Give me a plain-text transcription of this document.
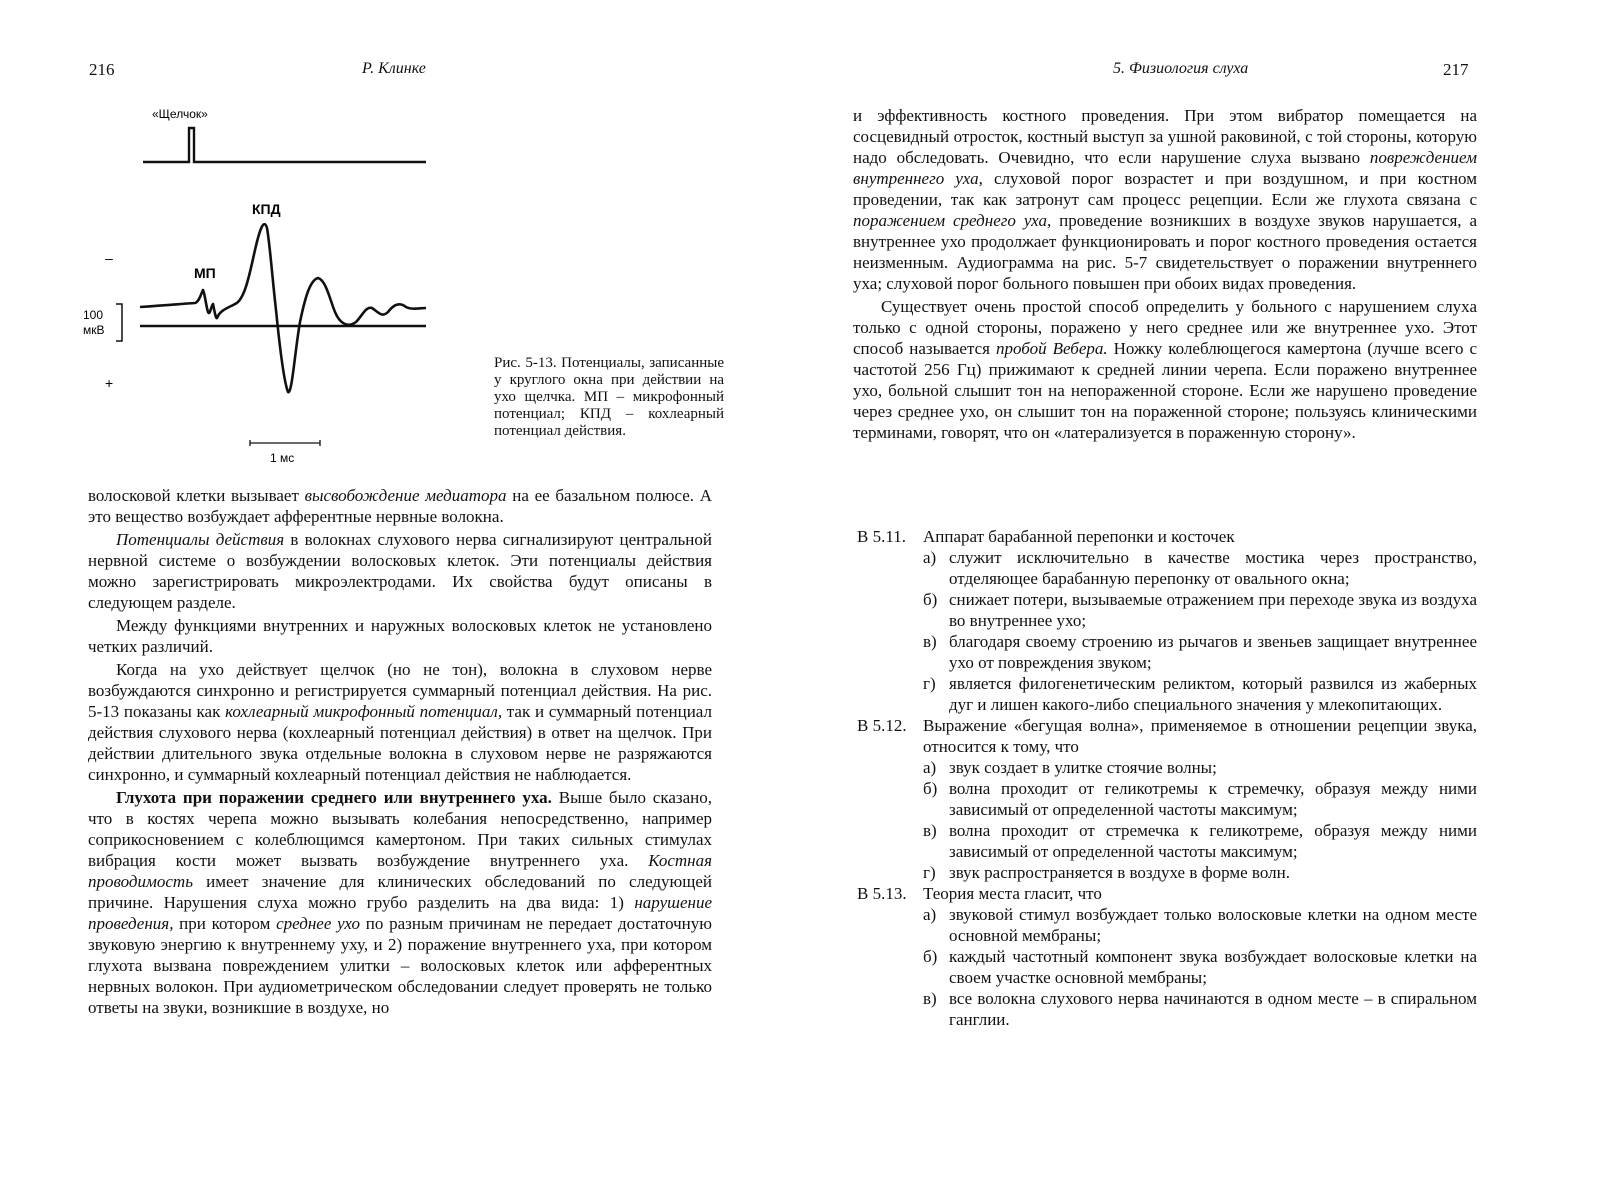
216	Р. Клинке
«Щелчок»
КПД
МП
–
+
100
мкВ
1 мс
Рис. 5-13. Потенциалы, записанные у круглого окна при действии на ухо щелчка. МП – микрофонный потенциал; КПД – кохлеарный потенциал действия.

волосковой клетки вызывает высвобождение медиатора на ее базальном полюсе. А это вещество возбуждает афферентные нервные волокна.

Потенциалы действия в волокнах слухового нерва сигнализируют центральной нервной системе о возбуждении волосковых клеток. Эти потенциалы действия можно зарегистрировать микроэлектродами. Их свойства будут описаны в следующем разделе.

Между функциями внутренних и наружных волосковых клеток не установлено четких различий.

Когда на ухо действует щелчок (но не тон), волокна в слуховом нерве возбуждаются синхронно и регистрируется суммарный потенциал действия. На рис. 5-13 показаны как кохлеарный микрофонный потенциал, так и суммарный потенциал действия слухового нерва (кохлеарный потенциал действия) в ответ на щелчок. При действии длительного звука отдельные волокна в слуховом нерве не разряжаются синхронно, и суммарный кохлеарный потенциал действия не наблюдается.

Глухота при поражении среднего или внутреннего уха. Выше было сказано, что в костях черепа можно вызывать колебания непосредственно, например соприкосновением с колеблющимся камертоном. При таких сильных стимулах вибрация кости может вызвать возбуждение внутреннего уха. Костная проводимость имеет значение для клинических обследований по следующей причине. Нарушения слуха можно грубо разделить на два вида: 1) нарушение проведения, при котором среднее ухо по разным причинам не передает достаточную звуковую энергию к внутреннему уху, и 2) поражение внутреннего уха, при котором глухота вызвана повреждением улитки – волосковых клеток или афферентных нервных волокон. При аудиометрическом обследовании следует проверять не только ответы на звуки, возникшие в воздухе, но

5. Физиология слуха	217

и эффективность костного проведения. При этом вибратор помещается на сосцевидный отросток, костный выступ за ушной раковиной, с той стороны, которую надо обследовать. Очевидно, что если нарушение слуха вызвано повреждением внутреннего уха, слуховой порог возрастет и при воздушном, и при костном проведении, так как затронут сам процесс рецепции. Если же глухота связана с поражением среднего уха, проведение возникших в воздухе звуков нарушается, а внутреннее ухо продолжает функционировать и порог костного проведения остается неизменным. Аудиограмма на рис. 5-7 свидетельствует о поражении внутреннего уха; слуховой порог больного повышен при обоих видах проведения.

Существует очень простой способ определить у больного с нарушением слуха только с одной стороны, поражено у него среднее или же внутреннее ухо. Этот способ называется пробой Вебера. Ножку колеблющегося камертона (лучше всего с частотой 256 Гц) прижимают к средней линии черепа. Если поражено внутреннее ухо, больной слышит тон на непораженной стороне. Если же нарушено проведение через среднее ухо, он слышит тон на пораженной стороне; пользуясь клиническими терминами, говорят, что он «латерализуется в пораженную сторону».

В 5.11.	Аппарат барабанной перепонки и косточек
а) служит исключительно в качестве мостика через пространство, отделяющее барабанную перепонку от овального окна;
б) снижает потери, вызываемые отражением при переходе звука из воздуха во внутреннее ухо;
в) благодаря своему строению из рычагов и звеньев защищает внутреннее ухо от повреждения звуком;
г) является филогенетическим реликтом, который развился из жаберных дуг и лишен какого-либо специального значения у млекопитающих.
В 5.12. Выражение «бегущая волна», применяемое в отношении рецепции звука, относится к тому, что
а) звук создает в улитке стоячие волны;
б) волна проходит от геликотремы к стремечку, образуя между ними зависимый от определенной частоты максимум;
в) волна проходит от стремечка к геликотреме, образуя между ними зависимый от определенной частоты максимум;
г) звук распространяется в воздухе в форме волн.
В 5.13. Теория места гласит, что
а) звуковой стимул возбуждает только волосковые клетки на одном месте основной мембраны;
б) каждый частотный компонент звука возбуждает волосковые клетки на своем участке основной мембраны;
в) все волокна слухового нерва начинаются в одном месте – в спиральном ганглии.
